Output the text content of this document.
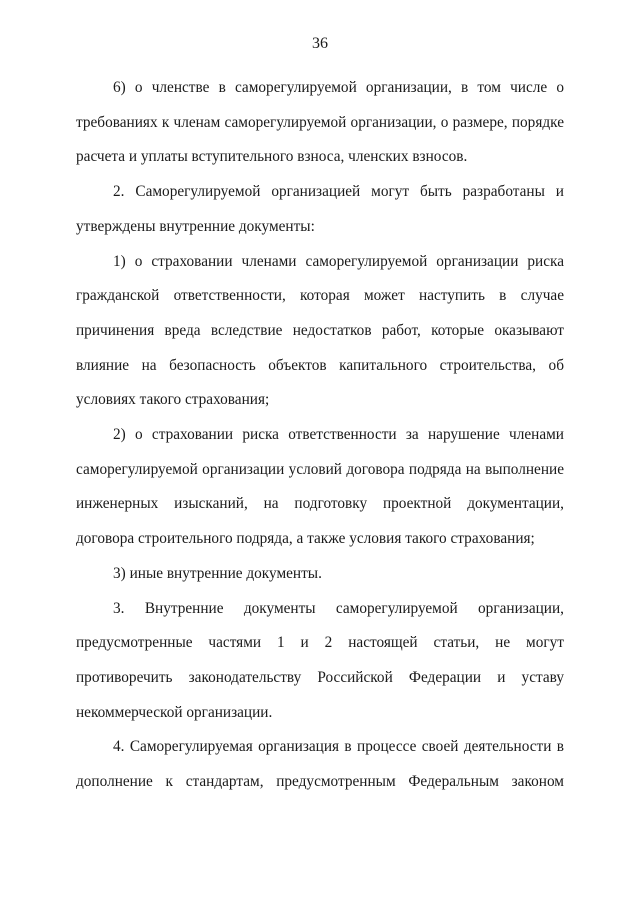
36

6) о членстве в саморегулируемой организации, в том числе о требованиях к членам саморегулируемой организации, о размере, порядке расчета и уплаты вступительного взноса, членских взносов.

2. Саморегулируемой организацией могут быть разработаны и утверждены внутренние документы:

1) о страховании членами саморегулируемой организации риска гражданской ответственности, которая может наступить в случае причинения вреда вследствие недостатков работ, которые оказывают влияние на безопасность объектов капитального строительства, об условиях такого страхования;

2) о страховании риска ответственности за нарушение членами саморегулируемой организации условий договора подряда на выполнение инженерных изысканий, на подготовку проектной документации, договора строительного подряда, а также условия такого страхования;

3) иные внутренние документы.

3. Внутренние документы саморегулируемой организации, предусмотренные частями 1 и 2 настоящей статьи, не могут противоречить законодательству Российской Федерации и уставу некоммерческой организации.

4. Саморегулируемая организация в процессе своей деятельности в дополнение к стандартам, предусмотренным Федеральным законом
